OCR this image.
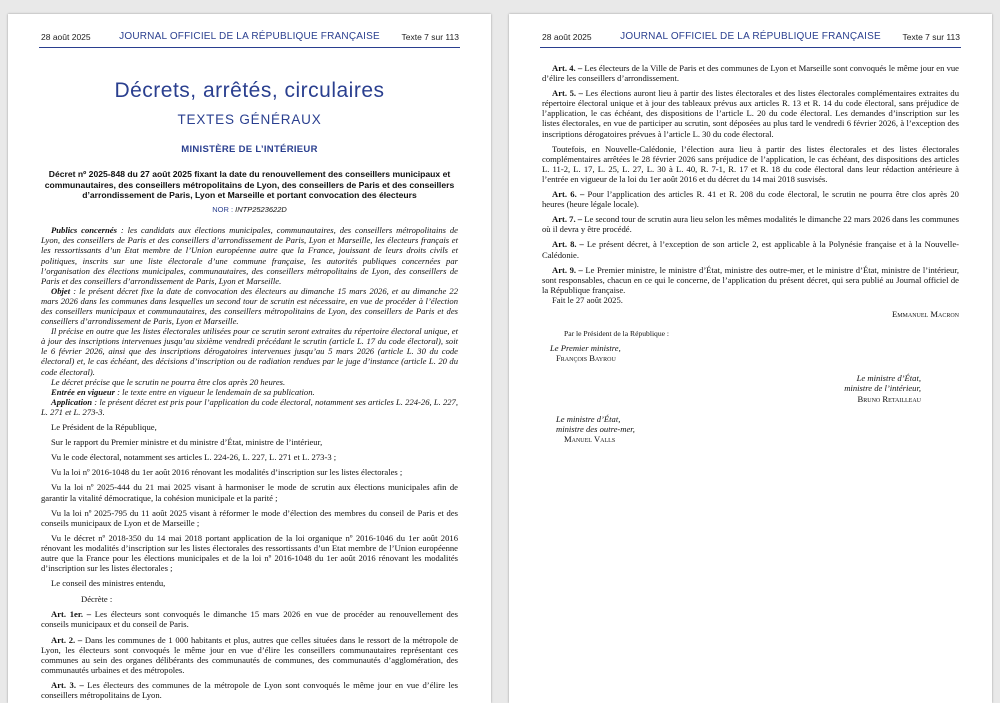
28 août 2025	JOURNAL OFFICIEL DE LA RÉPUBLIQUE FRANÇAISE	Texte 7 sur 113
Décrets, arrêtés, circulaires
TEXTES GÉNÉRAUX
MINISTÈRE DE L’INTÉRIEUR
Décret nº 2025-848 du 27 août 2025 fixant la date du renouvellement des conseillers municipaux et communautaires, des conseillers métropolitains de Lyon, des conseillers de Paris et des conseillers d’arrondissement de Paris, Lyon et Marseille et portant convocation des électeurs
NOR : INTP2523622D

Publics concernés : les candidats aux élections municipales, communautaires, des conseillers métropolitains de Lyon, des conseillers de Paris et des conseillers d’arrondissement de Paris, Lyon et Marseille, les électeurs français et les ressortissants d’un Etat membre de l’Union européenne autre que la France, jouissant de leurs droits civils et politiques, inscrits sur une liste électorale d’une commune française, les autorités publiques concernées par l’organisation des élections municipales, communautaires, des conseillers métropolitains de Lyon, des conseillers de Paris et des conseillers d’arrondissement de Paris, Lyon et Marseille.

Objet : le présent décret fixe la date de convocation des électeurs au dimanche 15 mars 2026, et au dimanche 22 mars 2026 dans les communes dans lesquelles un second tour de scrutin est nécessaire, en vue de procéder à l’élection des conseillers municipaux et communautaires, des conseillers métropolitains de Lyon, des conseillers de Paris et des conseillers d’arrondissement de Paris, Lyon et Marseille.

Il précise en outre que les listes électorales utilisées pour ce scrutin seront extraites du répertoire électoral unique, et à jour des inscriptions intervenues jusqu’au sixième vendredi précédant le scrutin (article L. 17 du code électoral), soit le 6 février 2026, ainsi que des inscriptions dérogatoires intervenues jusqu’au 5 mars 2026 (article L. 30 du code électoral) et, le cas échéant, des décisions d’inscription ou de radiation rendues par le juge d’instance (article L. 20 du code électoral).

Le décret précise que le scrutin ne pourra être clos après 20 heures.

Entrée en vigueur : le texte entre en vigueur le lendemain de sa publication.

Application : le présent décret est pris pour l’application du code électoral, notamment ses articles L. 224-26, L. 227, L. 271 et L. 273-3.

Le Président de la République,

Sur le rapport du Premier ministre et du ministre d’État, ministre de l’intérieur,

Vu le code électoral, notamment ses articles L. 224-26, L. 227, L. 271 et L. 273-3 ;

Vu la loi nº 2016-1048 du 1er août 2016 rénovant les modalités d’inscription sur les listes électorales ;

Vu la loi nº 2025-444 du 21 mai 2025 visant à harmoniser le mode de scrutin aux élections municipales afin de garantir la vitalité démocratique, la cohésion municipale et la parité ;

Vu la loi nº 2025-795 du 11 août 2025 visant à réformer le mode d’élection des membres du conseil de Paris et des conseils municipaux de Lyon et de Marseille ;

Vu le décret nº 2018-350 du 14 mai 2018 portant application de la loi organique nº 2016-1046 du 1er août 2016 rénovant les modalités d’inscription sur les listes électorales des ressortissants d’un Etat membre de l’Union européenne autre que la France pour les élections municipales et de la loi nº 2016-1048 du 1er août 2016 rénovant les modalités d’inscription sur les listes électorales ;

Le conseil des ministres entendu,

Décrète :

Art. 1er. – Les électeurs sont convoqués le dimanche 15 mars 2026 en vue de procéder au renouvellement des conseils municipaux et du conseil de Paris.

Art. 2. – Dans les communes de 1 000 habitants et plus, autres que celles situées dans le ressort de la métropole de Lyon, les électeurs sont convoqués le même jour en vue d’élire les conseillers communautaires représentant ces communes au sein des organes délibérants des communautés de communes, des communautés d’agglomération, des communautés urbaines et des métropoles.

Art. 3. – Les électeurs des communes de la métropole de Lyon sont convoqués le même jour en vue d’élire les conseillers métropolitains de Lyon.

28 août 2025	JOURNAL OFFICIEL DE LA RÉPUBLIQUE FRANÇAISE	Texte 7 sur 113

Art. 4. – Les électeurs de la Ville de Paris et des communes de Lyon et Marseille sont convoqués le même jour en vue d’élire les conseillers d’arrondissement.

Art. 5. – Les élections auront lieu à partir des listes électorales et des listes électorales complémentaires extraites du répertoire électoral unique et à jour des tableaux prévus aux articles R. 13 et R. 14 du code électoral, sans préjudice de l’application, le cas échéant, des dispositions de l’article L. 20 du code électoral. Les demandes d’inscription sur les listes électorales, en vue de participer au scrutin, sont déposées au plus tard le vendredi 6 février 2026, à l’exception des inscriptions dérogatoires prévues à l’article L. 30 du code électoral.

Toutefois, en Nouvelle-Calédonie, l’élection aura lieu à partir des listes électorales et des listes électorales complémentaires arrêtées le 28 février 2026 sans préjudice de l’application, le cas échéant, des dispositions des articles L. 11-2, L. 17, L. 25, L. 27, L. 30 à L. 40, R. 7-1, R. 17 et R. 18 du code électoral dans leur rédaction antérieure à l’entrée en vigueur de la loi du 1er août 2016 et du décret du 14 mai 2018 susvisés.

Art. 6. – Pour l’application des articles R. 41 et R. 208 du code électoral, le scrutin ne pourra être clos après 20 heures (heure légale locale).

Art. 7. – Le second tour de scrutin aura lieu selon les mêmes modalités le dimanche 22 mars 2026 dans les communes où il devra y être procédé.

Art. 8. – Le présent décret, à l’exception de son article 2, est applicable à la Polynésie française et à la Nouvelle-Calédonie.

Art. 9. – Le Premier ministre, le ministre d’État, ministre des outre-mer, et le ministre d’État, ministre de l’intérieur, sont responsables, chacun en ce qui le concerne, de l’application du présent décret, qui sera publié au Journal officiel de la République française.

Fait le 27 août 2025.

Emmanuel Macron
Par le Président de la République :
Le Premier ministre,
François Bayrou
Le ministre d’État,
ministre de l’intérieur,
Bruno Retailleau
Le ministre d’État,
ministre des outre-mer,
Manuel Valls
